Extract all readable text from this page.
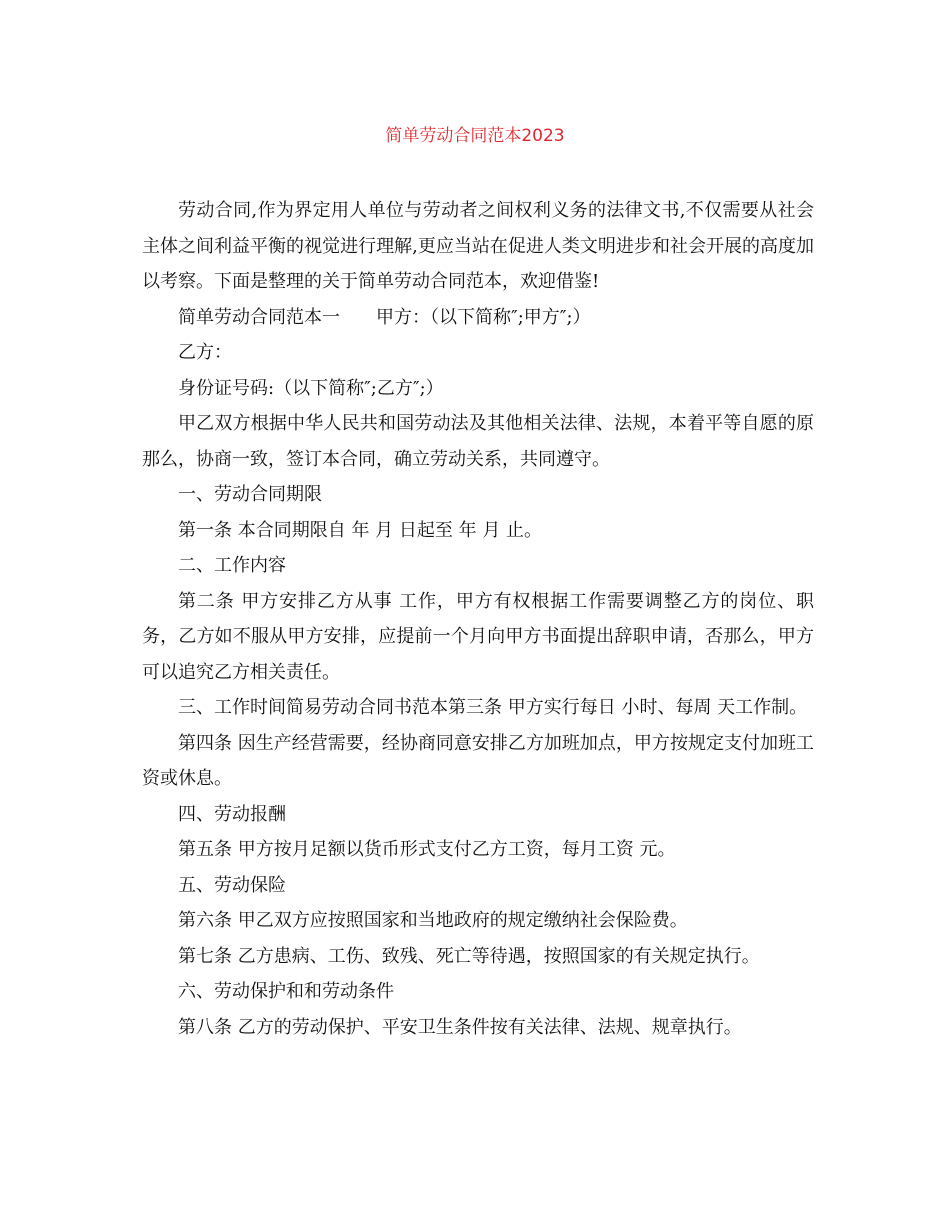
简单劳动合同范本2023

劳动合同,作为界定用人单位与劳动者之间权利义务的法律文书,不仅需要从社会主体之间利益平衡的视觉进行理解,更应当站在促进人类文明进步和社会开展的高度加以考察。下面是整理的关于简单劳动合同范本，欢迎借鉴!

简单劳动合同范本一　　甲方：（以下简称″;甲方″;）

乙方：

身份证号码:（以下简称″;乙方″;）

甲乙双方根据中华人民共和国劳动法及其他相关法律、法规，本着平等自愿的原那么，协商一致，签订本合同，确立劳动关系，共同遵守。

一、劳动合同期限

第一条 本合同期限自 年 月 日起至 年 月 止。

二、工作内容

第二条 甲方安排乙方从事 工作，甲方有权根据工作需要调整乙方的岗位、职务，乙方如不服从甲方安排，应提前一个月向甲方书面提出辞职申请，否那么，甲方可以追究乙方相关责任。

三、工作时间简易劳动合同书范本第三条 甲方实行每日 小时、每周 天工作制。

第四条 因生产经营需要，经协商同意安排乙方加班加点，甲方按规定支付加班工资或休息。

四、劳动报酬

第五条 甲方按月足额以货币形式支付乙方工资，每月工资 元。

五、劳动保险

第六条 甲乙双方应按照国家和当地政府的规定缴纳社会保险费。

第七条 乙方患病、工伤、致残、死亡等待遇，按照国家的有关规定执行。

六、劳动保护和和劳动条件

第八条 乙方的劳动保护、平安卫生条件按有关法律、法规、规章执行。
